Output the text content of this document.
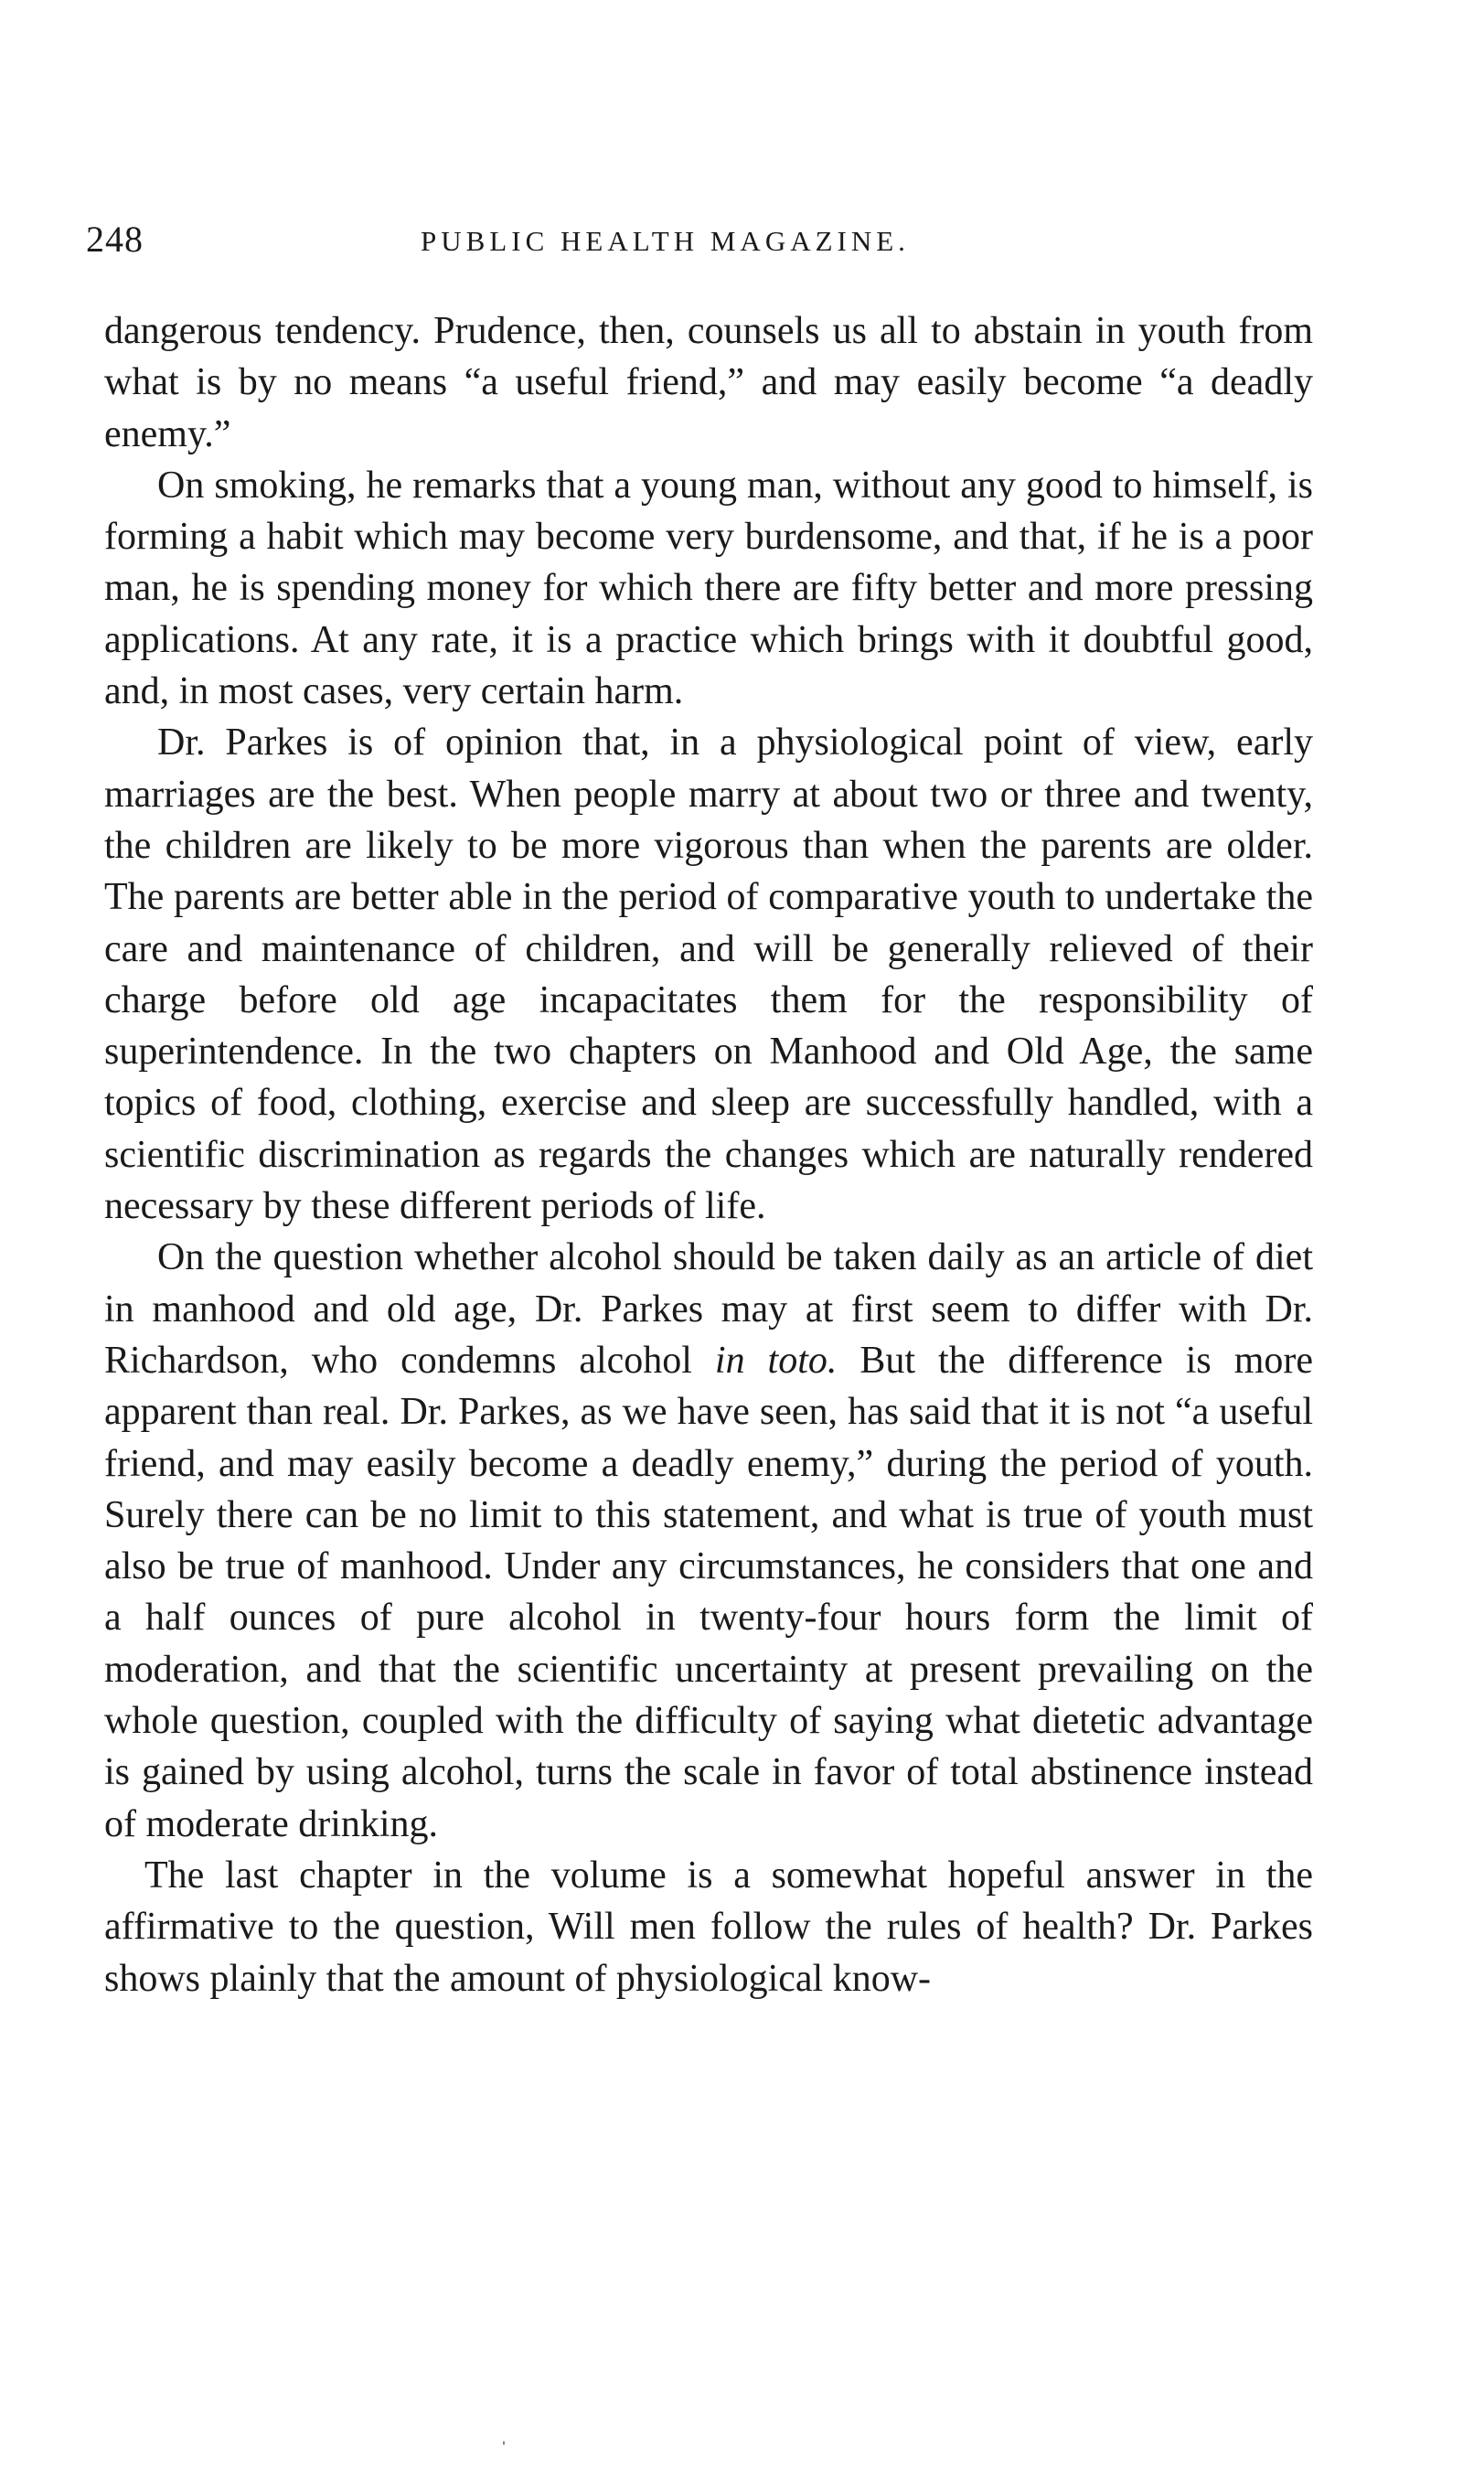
248	PUBLIC HEALTH MAGAZINE.

dangerous tendency. Prudence, then, counsels us all to abstain in youth from what is by no means “a useful friend,” and may easily become “a deadly enemy.”

On smoking, he remarks that a young man, without any good to himself, is forming a habit which may become very burdensome, and that, if he is a poor man, he is spending money for which there are fifty better and more pressing applications. At any rate, it is a practice which brings with it doubtful good, and, in most cases, very certain harm.

Dr. Parkes is of opinion that, in a physiological point of view, early marriages are the best. When people marry at about two or three and twenty, the children are likely to be more vigorous than when the parents are older. The parents are better able in the period of comparative youth to undertake the care and maintenance of children, and will be generally relieved of their charge before old age incapacitates them for the responsibility of superintendence. In the two chapters on Manhood and Old Age, the same topics of food, clothing, exercise and sleep are successfully handled, with a scientific discrimination as regards the changes which are naturally rendered necessary by these different periods of life.

On the question whether alcohol should be taken daily as an article of diet in manhood and old age, Dr. Parkes may at first seem to differ with Dr. Richardson, who condemns alcohol in toto. But the difference is more apparent than real. Dr. Parkes, as we have seen, has said that it is not “a useful friend, and may easily become a deadly enemy,” during the period of youth. Surely there can be no limit to this statement, and what is true of youth must also be true of manhood. Under any circumstances, he considers that one and a half ounces of pure alcohol in twenty-four hours form the limit of moderation, and that the scientific uncertainty at present prevailing on the whole question, coupled with the difficulty of saying what dietetic advantage is gained by using alcohol, turns the scale in favor of total abstinence instead of moderate drinking.

The last chapter in the volume is a somewhat hopeful answer in the affirmative to the question, Will men follow the rules of health? Dr. Parkes shows plainly that the amount of physiological know‑

ˌ
